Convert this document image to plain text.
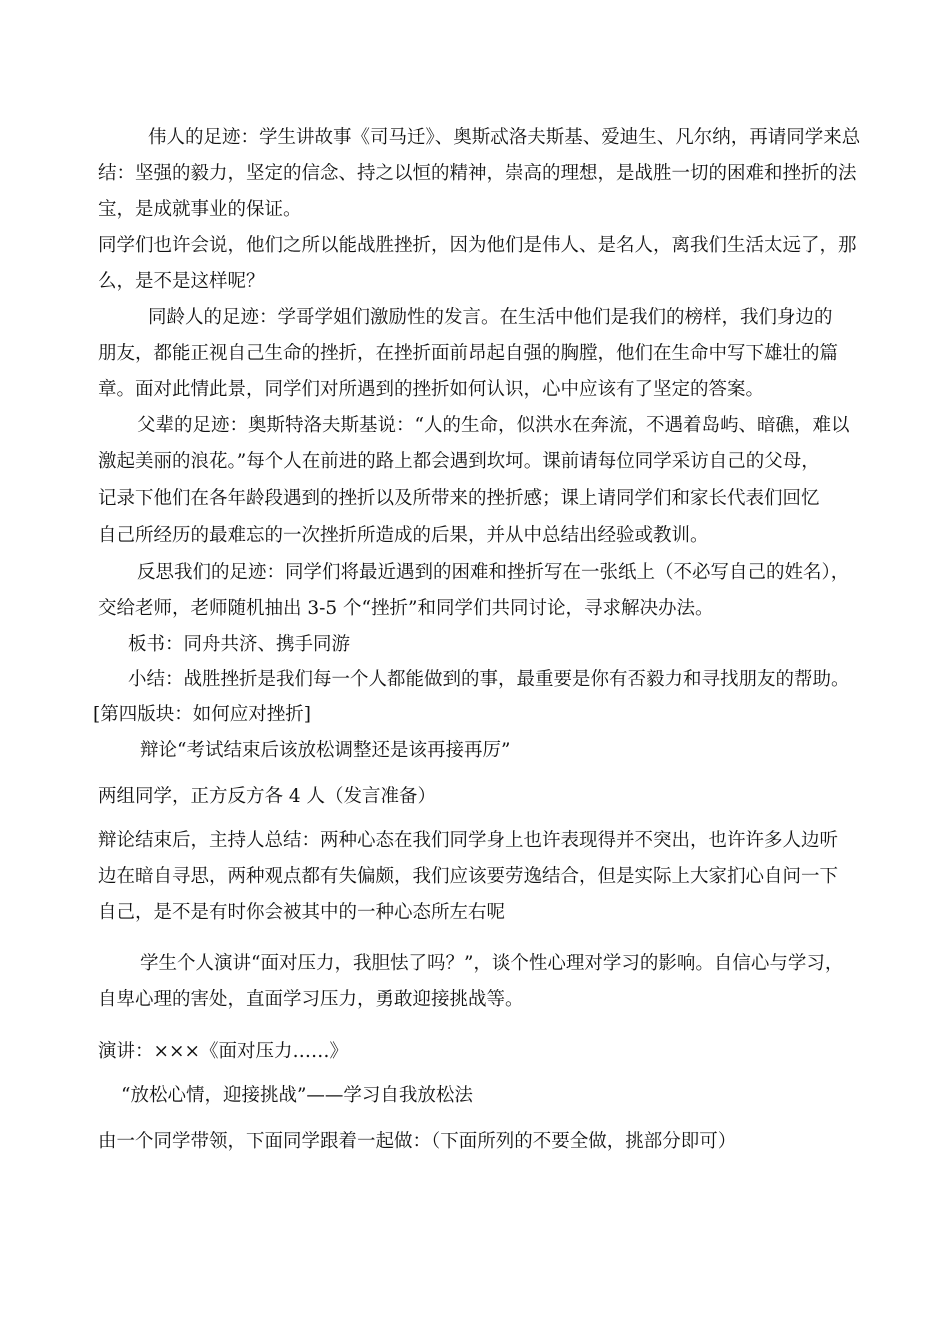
伟人的足迹：学生讲故事《司马迁》、奥斯忒洛夫斯基、爱迪生、凡尔纳，再请同学来总
结：坚强的毅力，坚定的信念、持之以恒的精神，崇高的理想，是战胜一切的困难和挫折的法
宝，是成就事业的保证。
同学们也许会说，他们之所以能战胜挫折，因为他们是伟人、是名人，离我们生活太远了，那
么，是不是这样呢？
同龄人的足迹：学哥学姐们激励性的发言。在生活中他们是我们的榜样，我们身边的
朋友，都能正视自己生命的挫折，在挫折面前昂起自强的胸膛，他们在生命中写下雄壮的篇
章。面对此情此景，同学们对所遇到的挫折如何认识，心中应该有了坚定的答案。
父辈的足迹：奥斯特洛夫斯基说：“人的生命，似洪水在奔流，不遇着岛屿、暗礁，难以
激起美丽的浪花。”每个人在前进的路上都会遇到坎坷。课前请每位同学采访自己的父母，
记录下他们在各年龄段遇到的挫折以及所带来的挫折感；课上请同学们和家长代表们回忆
自己所经历的最难忘的一次挫折所造成的后果，并从中总结出经验或教训。
反思我们的足迹：同学们将最近遇到的困难和挫折写在一张纸上（不必写自己的姓名），
交给老师，老师随机抽出 3-5 个“挫折”和同学们共同讨论，寻求解决办法。
板书：同舟共济、携手同游
小结：战胜挫折是我们每一个人都能做到的事，最重要是你有否毅力和寻找朋友的帮助。
[第四版块：如何应对挫折]
辩论“考试结束后该放松调整还是该再接再厉”
两组同学，正方反方各 4 人（发言准备）
辩论结束后，主持人总结：两种心态在我们同学身上也许表现得并不突出，也许许多人边听
边在暗自寻思，两种观点都有失偏颇，我们应该要劳逸结合，但是实际上大家扪心自问一下
自己，是不是有时你会被其中的一种心态所左右呢
学生个人演讲“面对压力，我胆怯了吗？”，谈个性心理对学习的影响。自信心与学习，
自卑心理的害处，直面学习压力，勇敢迎接挑战等。
演讲：×××《面对压力……》
“放松心情，迎接挑战”——学习自我放松法
由一个同学带领，下面同学跟着一起做：（下面所列的不要全做，挑部分即可）
